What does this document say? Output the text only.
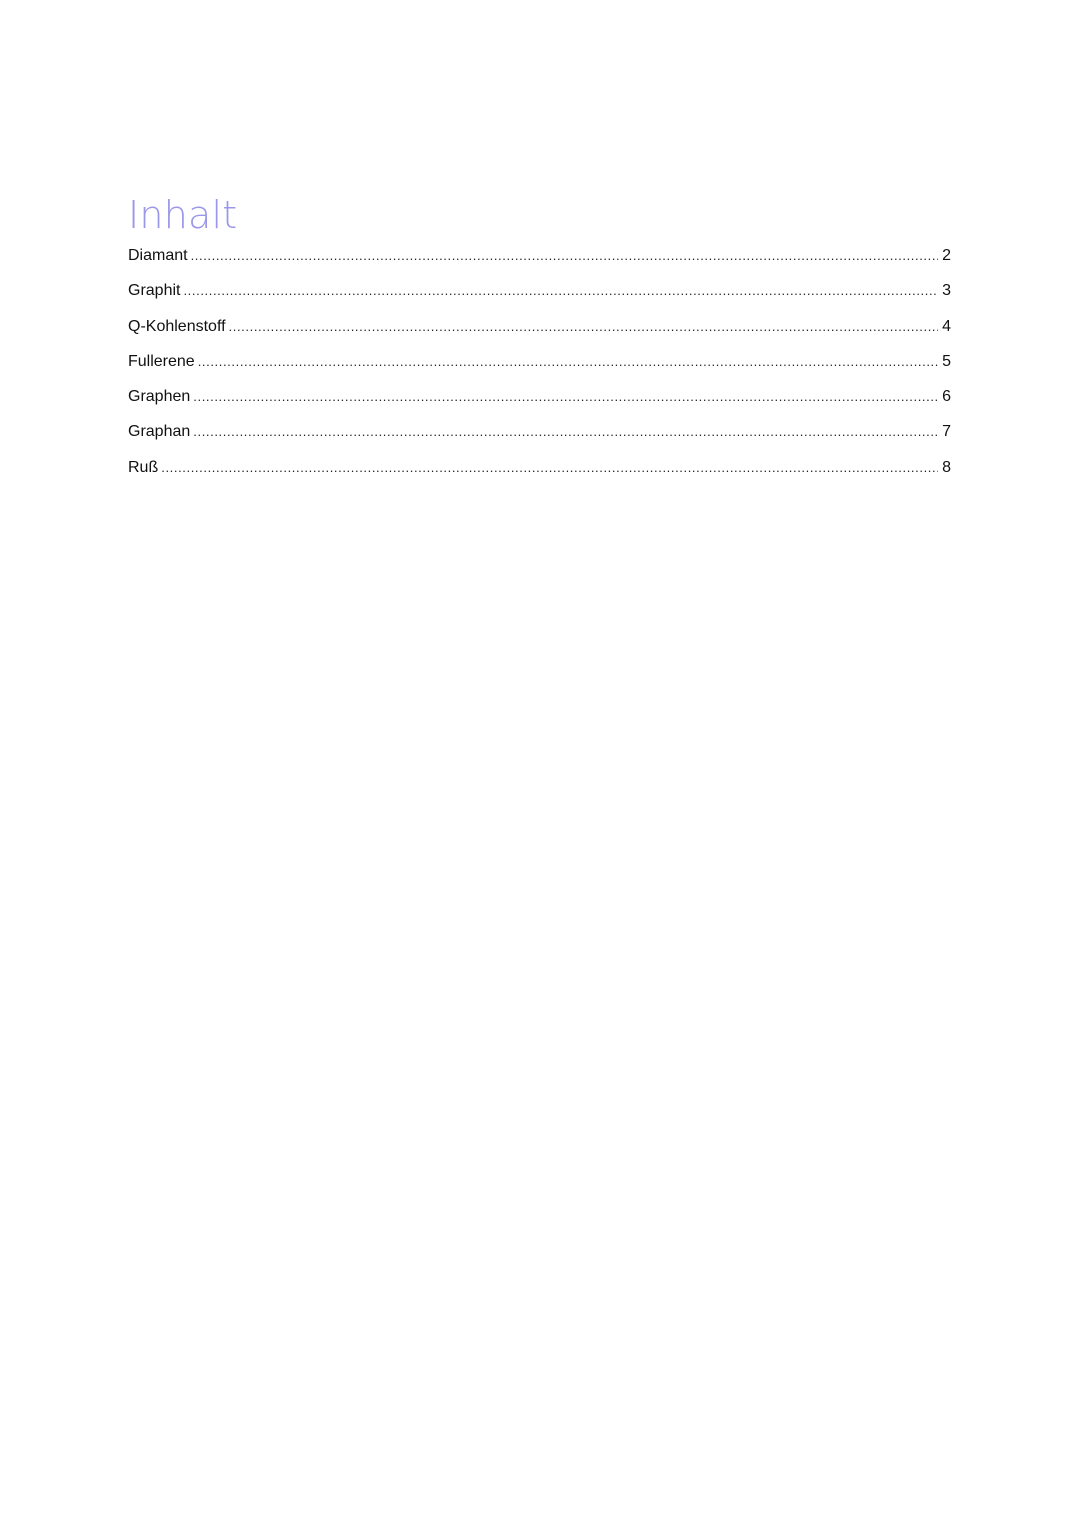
Inhalt
Diamant .....	2
Graphit .....	3
Q-Kohlenstoff .....	4
Fullerene .....	5
Graphen .....	6
Graphan .....	7
Ruß .....	8
